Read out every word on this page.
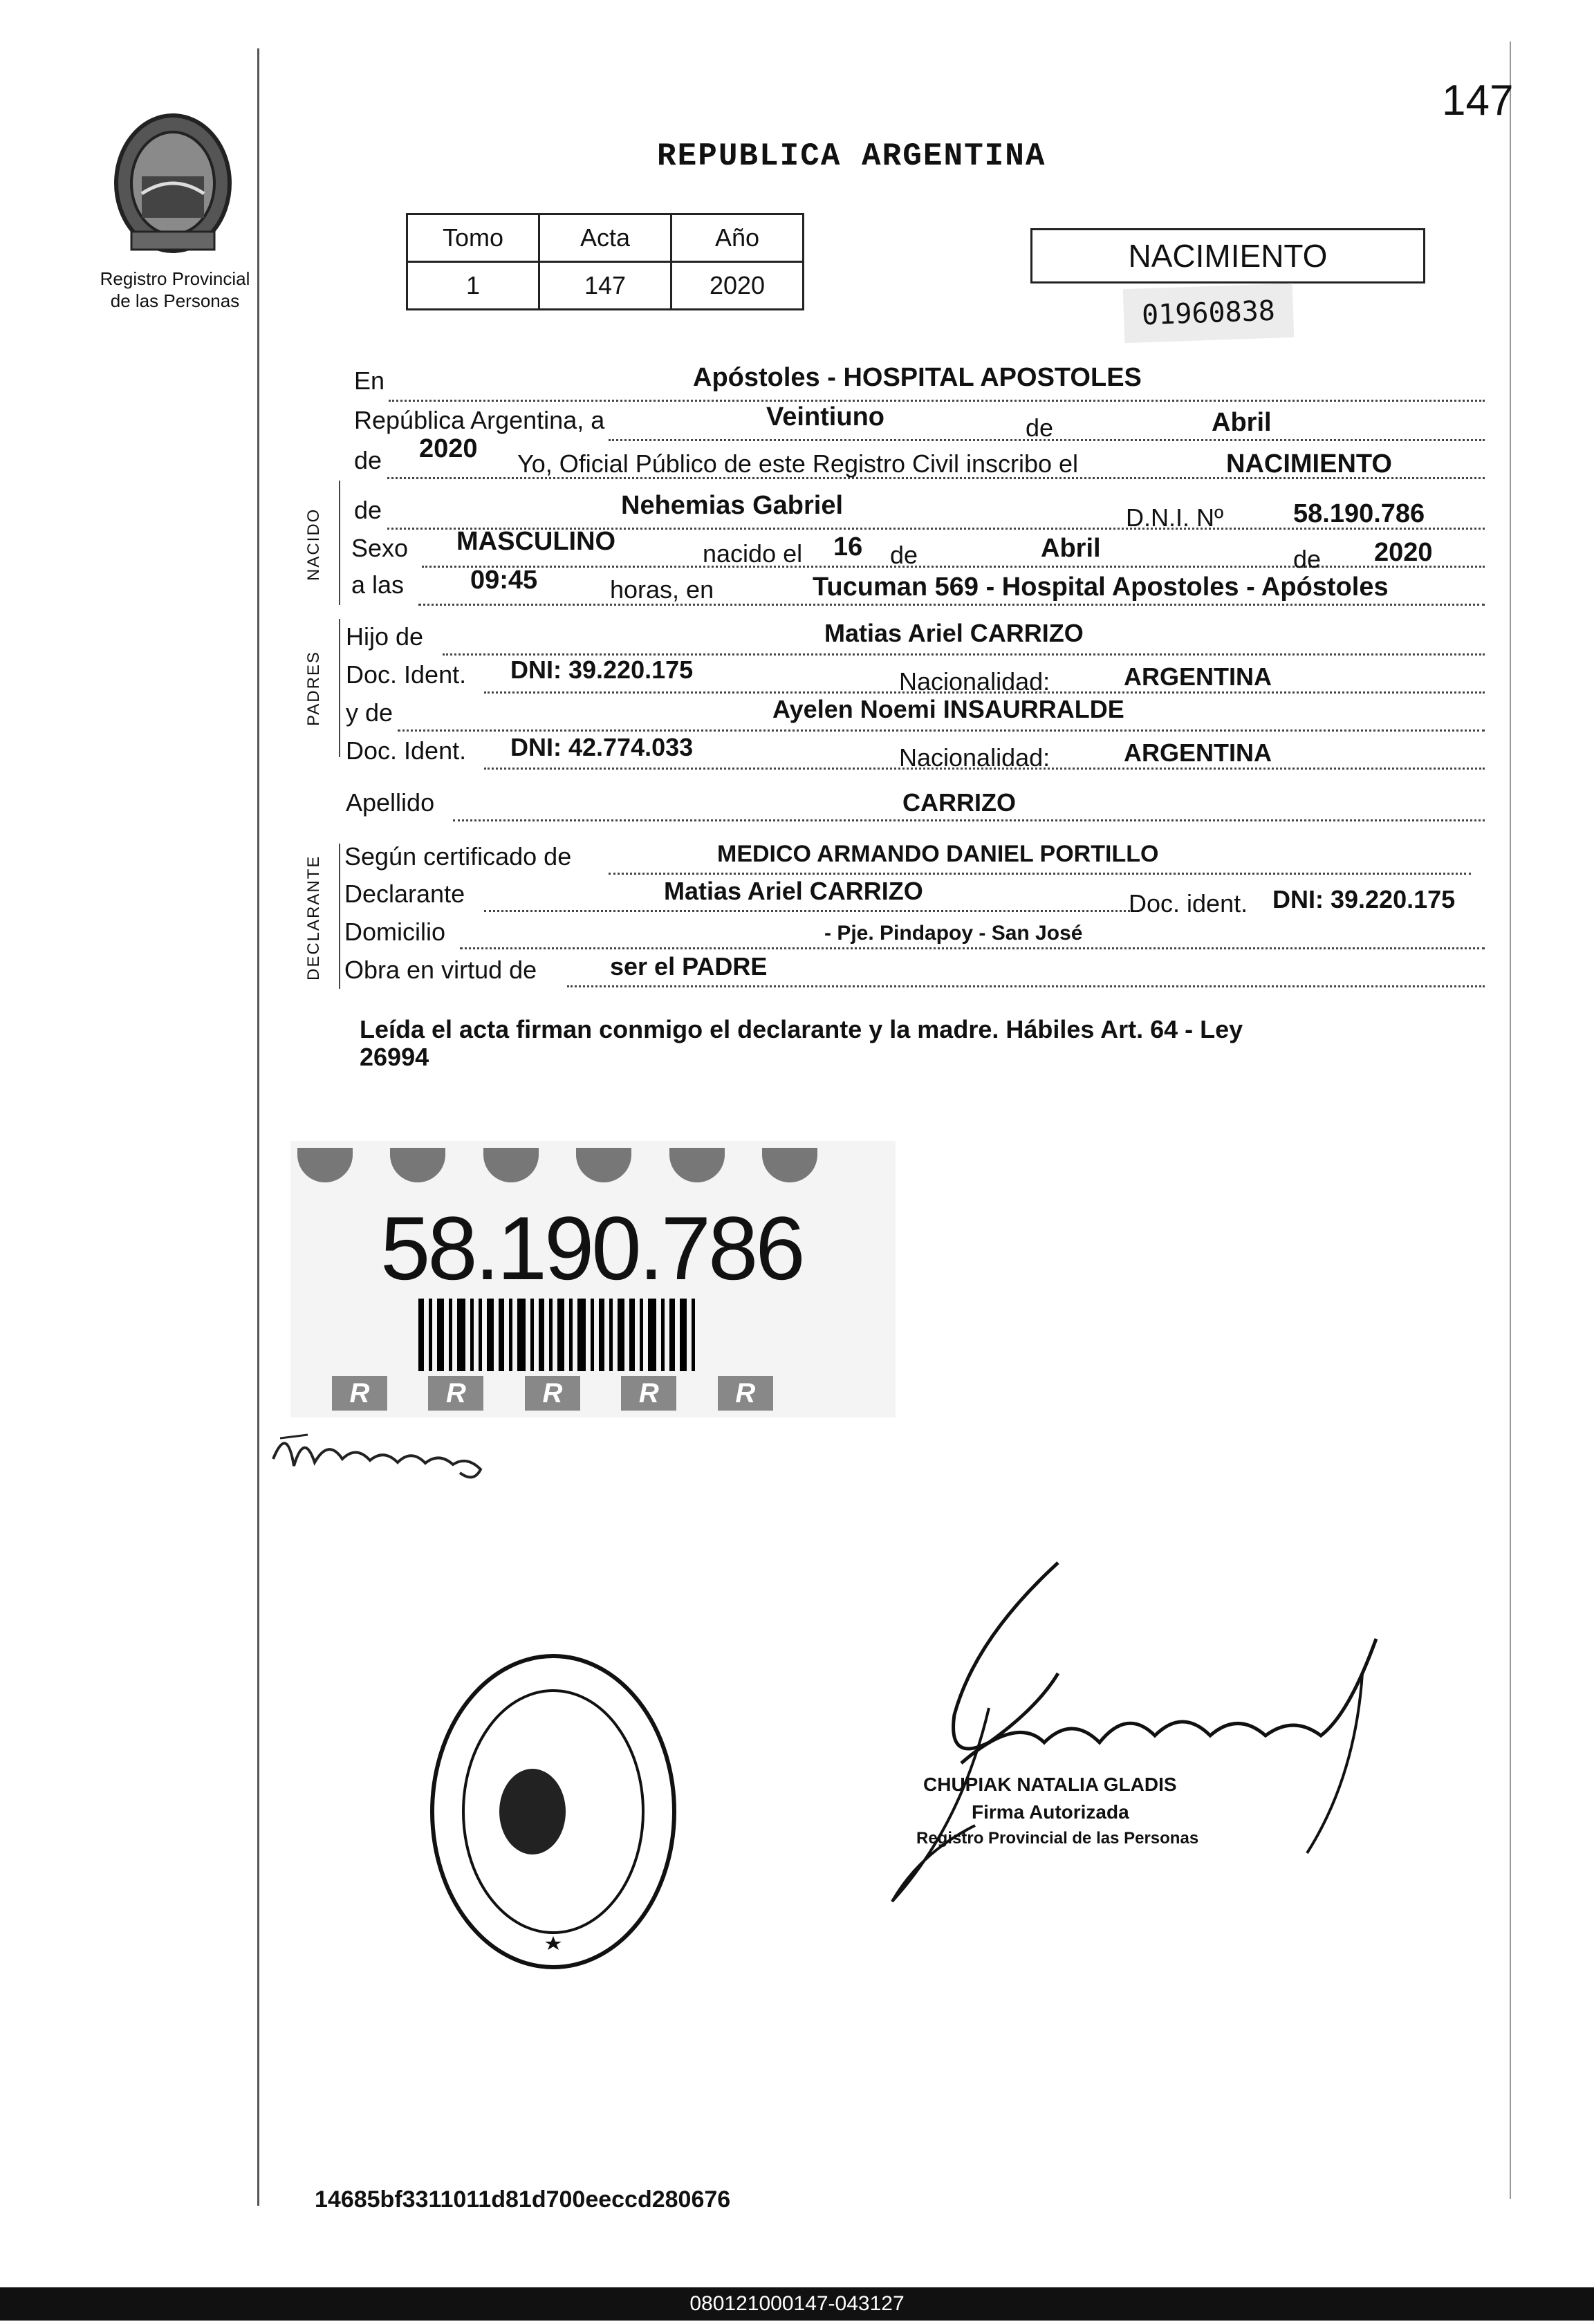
147
Registro Provincial
de las Personas
REPUBLICA ARGENTINA
Tomo	Acta	Año
1	147	2020
NACIMIENTO
01960838
NACIDO
PADRES
DECLARANTE
En	Apóstoles - HOSPITAL APOSTOLES
República Argentina, a	Veintiuno	de	Abril
de 2020
Yo, Oficial Público de este Registro Civil inscribo el	NACIMIENTO
de	Nehemias Gabriel	D.N.I. Nº	58.190.786
Sexo MASCULINO	nacido el 16 de	Abril	de 2020
a las	09:45	horas, en	Tucuman 569 - Hospital Apostoles - Apóstoles
Hijo de	Matias Ariel CARRIZO
Doc. Ident. DNI: 39.220.175	Nacionalidad:	ARGENTINA
y de	Ayelen Noemi INSAURRALDE
Doc. Ident. DNI: 42.774.033	Nacionalidad:	ARGENTINA
Apellido	CARRIZO
Según certificado de	MEDICO ARMANDO DANIEL PORTILLO
Declarante	Matias Ariel CARRIZO	Doc. ident. DNI: 39.220.175
Domicilio	- Pje. Pindapoy - San José
Obra en virtud de	ser el PADRE
Leída el acta firman conmigo el declarante y la madre. Hábiles Art. 64 - Ley
26994

58.190.786
R	R	R	R	R
CHUPIAK NATALIA GLADIS
Firma Autorizada
Registro Provincial de las Personas
14685bf3311011d81d700eeccd280676
080121000147-043127
